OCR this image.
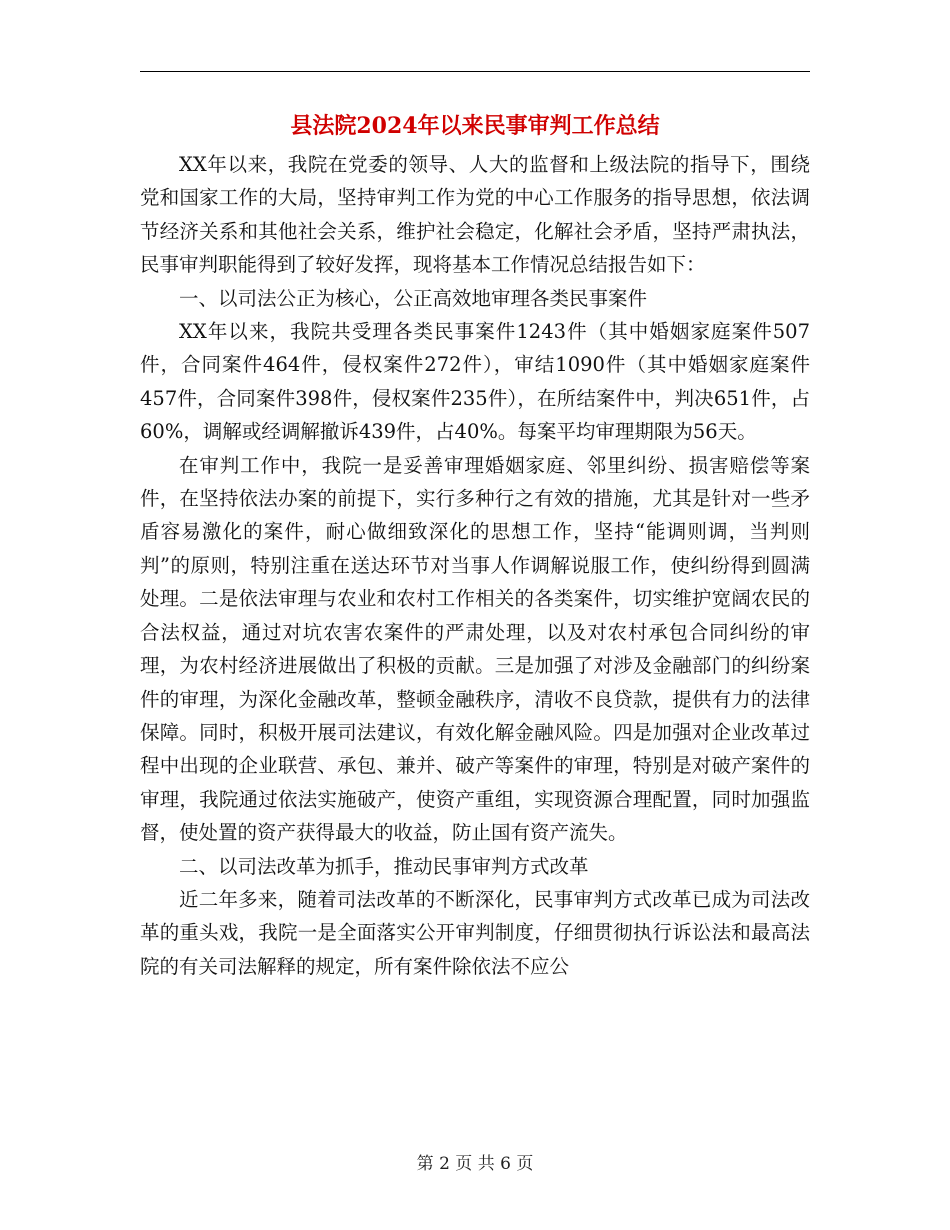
县法院2024年以来民事审判工作总结

XX年以来，我院在党委的领导、人大的监督和上级法院的指导下，围绕党和国家工作的大局，坚持审判工作为党的中心工作服务的指导思想，依法调节经济关系和其他社会关系，维护社会稳定，化解社会矛盾，坚持严肃执法，民事审判职能得到了较好发挥，现将基本工作情况总结报告如下：

一、以司法公正为核心，公正高效地审理各类民事案件

XX年以来，我院共受理各类民事案件1243件（其中婚姻家庭案件507件，合同案件464件，侵权案件272件），审结1090件（其中婚姻家庭案件457件，合同案件398件，侵权案件235件），在所结案件中，判决651件，占60%，调解或经调解撤诉439件，占40%。每案平均审理期限为56天。

在审判工作中，我院一是妥善审理婚姻家庭、邻里纠纷、损害赔偿等案件，在坚持依法办案的前提下，实行多种行之有效的措施，尤其是针对一些矛盾容易激化的案件，耐心做细致深化的思想工作，坚持“能调则调，当判则判”的原则，特别注重在送达环节对当事人作调解说服工作，使纠纷得到圆满处理。二是依法审理与农业和农村工作相关的各类案件，切实维护宽阔农民的合法权益，通过对坑农害农案件的严肃处理，以及对农村承包合同纠纷的审理，为农村经济进展做出了积极的贡献。三是加强了对涉及金融部门的纠纷案件的审理，为深化金融改革，整顿金融秩序，清收不良贷款，提供有力的法律保障。同时，积极开展司法建议，有效化解金融风险。四是加强对企业改革过程中出现的企业联营、承包、兼并、破产等案件的审理，特别是对破产案件的审理，我院通过依法实施破产，使资产重组，实现资源合理配置，同时加强监督，使处置的资产获得最大的收益，防止国有资产流失。

二、以司法改革为抓手，推动民事审判方式改革

近二年多来，随着司法改革的不断深化，民事审判方式改革已成为司法改革的重头戏，我院一是全面落实公开审判制度，仔细贯彻执行诉讼法和最高法院的有关司法解释的规定，所有案件除依法不应公

第 2 页 共 6 页
